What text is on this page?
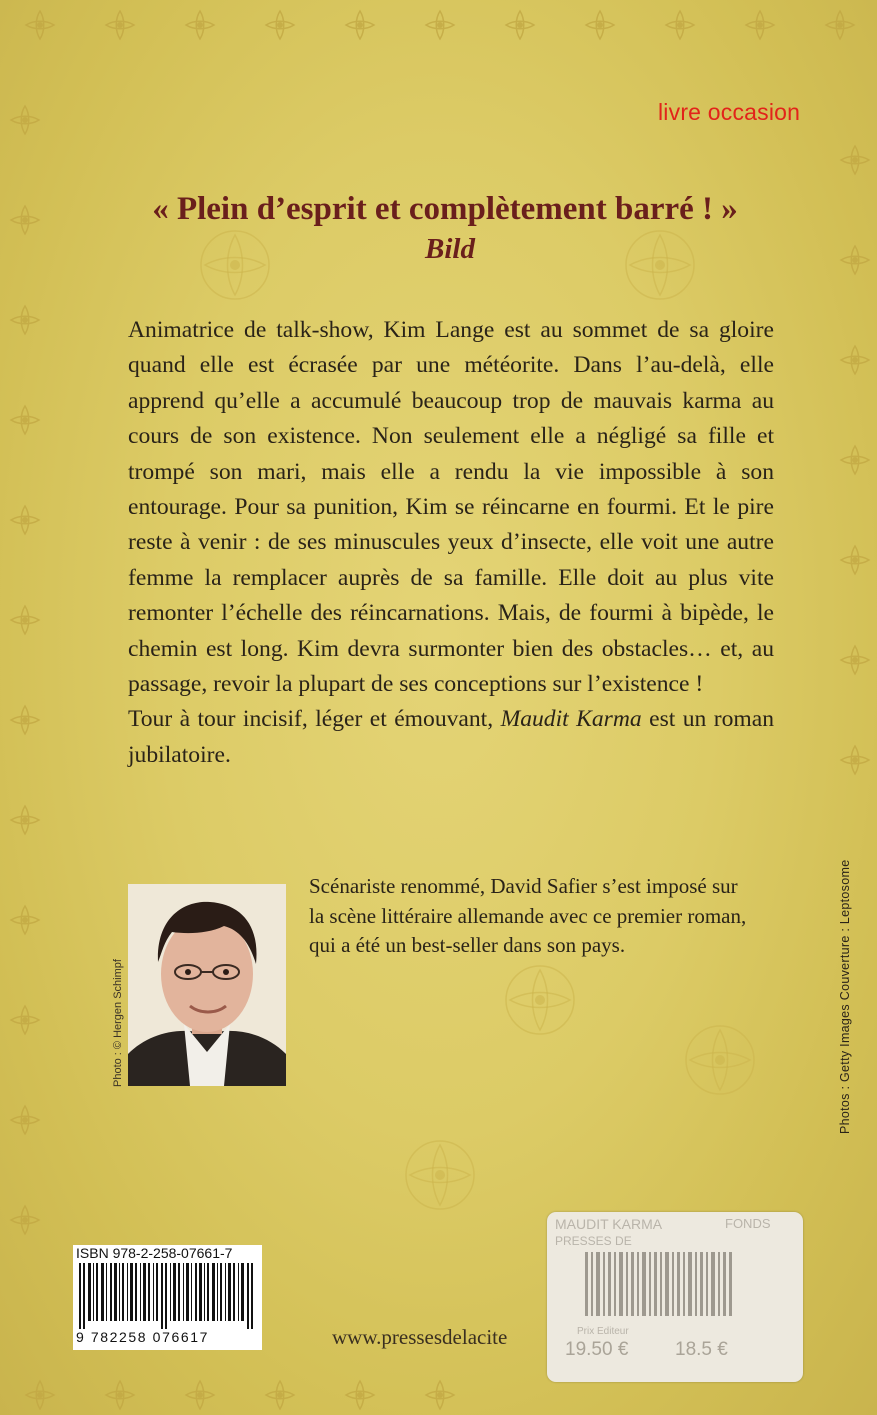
livre occasion
« Plein d’esprit et complètement barré ! »
Bild

Animatrice de talk-show, Kim Lange est au sommet de sa gloire quand elle est écrasée par une météorite. Dans l’au-delà, elle apprend qu’elle a accumulé beaucoup trop de mauvais karma au cours de son existence. Non seulement elle a négligé sa fille et trompé son mari, mais elle a rendu la vie impossible à son entourage. Pour sa punition, Kim se réincarne en fourmi. Et le pire reste à venir : de ses minuscules yeux d’insecte, elle voit une autre femme la remplacer auprès de sa famille. Elle doit au plus vite remonter l’échelle des réincarnations. Mais, de fourmi à bipède, le chemin est long. Kim devra surmonter bien des obstacles… et, au passage, revoir la plupart de ses conceptions sur l’existence !

Tour à tour incisif, léger et émouvant, Maudit Karma est un roman jubilatoire.

Photo : © Hergen Schimpf
Scénariste renommé, David Safier s’est imposé sur la scène littéraire allemande avec ce premier roman, qui a été un best-seller dans son pays.	Photos : Getty Images Couverture : Leptosome
ISBN 978-2-258-07661-7
9 782258 076617	www.pressesdelacite
MAUDIT KARMA	FONDS
PRESSES DE
Prix Editeur
19.50 € 18.5 €
